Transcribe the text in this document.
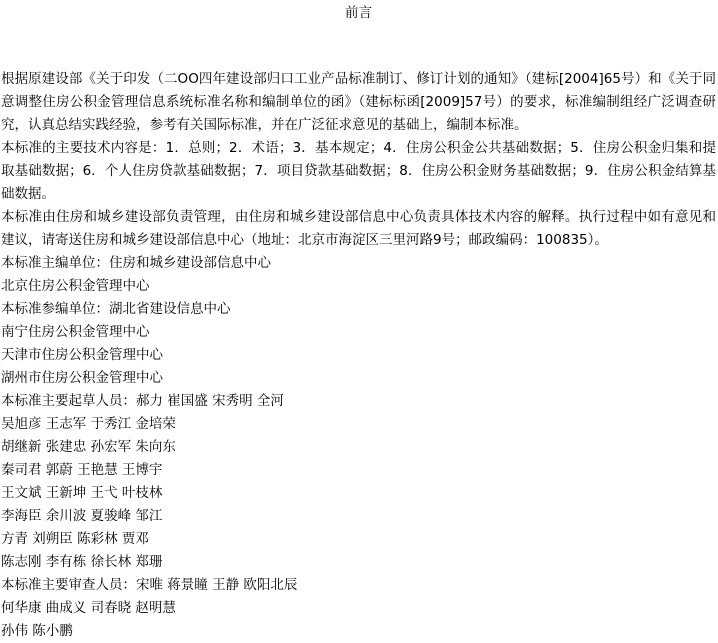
前言

根据原建设部《关于印发（二OO四年建设部归口工业产品标准制订、修订计划的通知》（建标[2004]65号）和《关于同意调整住房公积金管理信息系统标准名称和编制单位的函》（建标标函[2009]57号）的要求，标准编制组经广泛调查研究，认真总结实践经验，参考有关国际标准，并在广泛征求意见的基础上，编制本标准。

本标准的主要技术内容是：1．总则；2．术语；3．基本规定；4．住房公积金公共基础数据；5．住房公积金归集和提取基础数据；6．个人住房贷款基础数据；7．项目贷款基础数据；8．住房公积金财务基础数据；9．住房公积金结算基础数据。

本标准由住房和城乡建设部负责管理，由住房和城乡建设部信息中心负责具体技术内容的解释。执行过程中如有意见和建议，请寄送住房和城乡建设部信息中心（地址：北京市海淀区三里河路9号；邮政编码：100835）。

本标准主编单位：住房和城乡建设部信息中心
北京住房公积金管理中心
本标准参编单位：湖北省建设信息中心
南宁住房公积金管理中心
天津市住房公积金管理中心
湖州市住房公积金管理中心
本标准主要起草人员：郝力 崔国盛 宋秀明 全河
吴旭彦 王志军 于秀江 金培荣
胡继新 张建忠 孙宏军 朱向东
秦司君 郭蔚 王艳慧 王博宇
王文斌 王新坤 王弋 叶枝林
李海臣 余川波 夏骏峰 邹江
方青 刘朔臣 陈彩林 贾邓
陈志刚 李有栋 徐长林 郑珊
本标准主要审查人员：宋唯 蒋景瞳 王静 欧阳北辰
何华康 曲成义 司春晓 赵明慧
孙伟 陈小鹏
